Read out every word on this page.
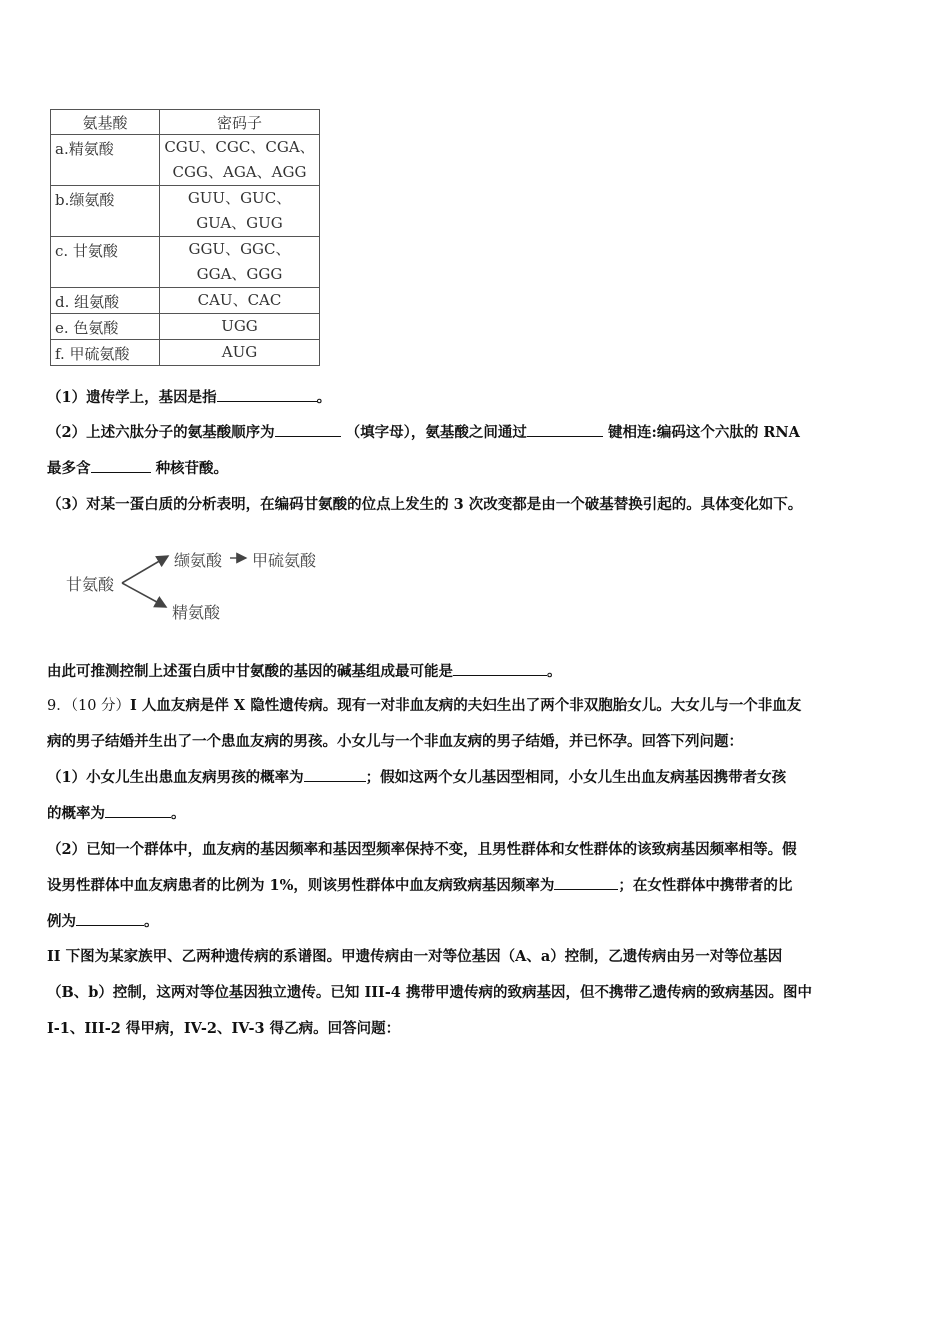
氨基酸	密码子
a.精氨酸	CGU、CGC、CGA、
CGG、AGA、AGG
b.缬氨酸	GUU、GUC、
GUA、GUG
c. 甘氨酸	GGU、GGC、
GGA、GGG
d. 组氨酸	CAU、CAC
e. 色氨酸	UGG
f. 甲硫氨酸	AUG
（1）遗传学上，基因是指	。
（2）上述六肽分子的氨基酸顺序为	（填字母），氨基酸之间通过	键相连:编码这个六肽的 RNA
最多含	种核苷酸。
（3）对某一蛋白质的分析表明，在编码甘氨酸的位点上发生的 3 次改变都是由一个破基替换引起的。具体变化如下。
甘氨酸
缬氨酸 甲硫氨酸
精氨酸
由此可推测控制上述蛋白质中甘氨酸的基因的碱基组成最可能是	。
9．（10 分）I 人血友病是伴 X 隐性遗传病。现有一对非血友病的夫妇生出了两个非双胞胎女儿。大女儿与一个非血友
病的男子结婚并生出了一个患血友病的男孩。小女儿与一个非血友病的男子结婚，并已怀孕。回答下列问题：
（1）小女儿生出患血友病男孩的概率为	；假如这两个女儿基因型相同，小女儿生出血友病基因携带者女孩
的概率为	。
（2）已知一个群体中，血友病的基因频率和基因型频率保持不变，且男性群体和女性群体的该致病基因频率相等。假
设男性群体中血友病患者的比例为 1%，则该男性群体中血友病致病基因频率为	；在女性群体中携带者的比
例为	。
II 下图为某家族甲、乙两种遗传病的系谱图。甲遗传病由一对等位基因（A、a）控制，乙遗传病由另一对等位基因
（B、b）控制，这两对等位基因独立遗传。已知 III-4 携带甲遗传病的致病基因，但不携带乙遗传病的致病基因。图中
I-1、III-2 得甲病，IV-2、IV-3 得乙病。回答问题：
